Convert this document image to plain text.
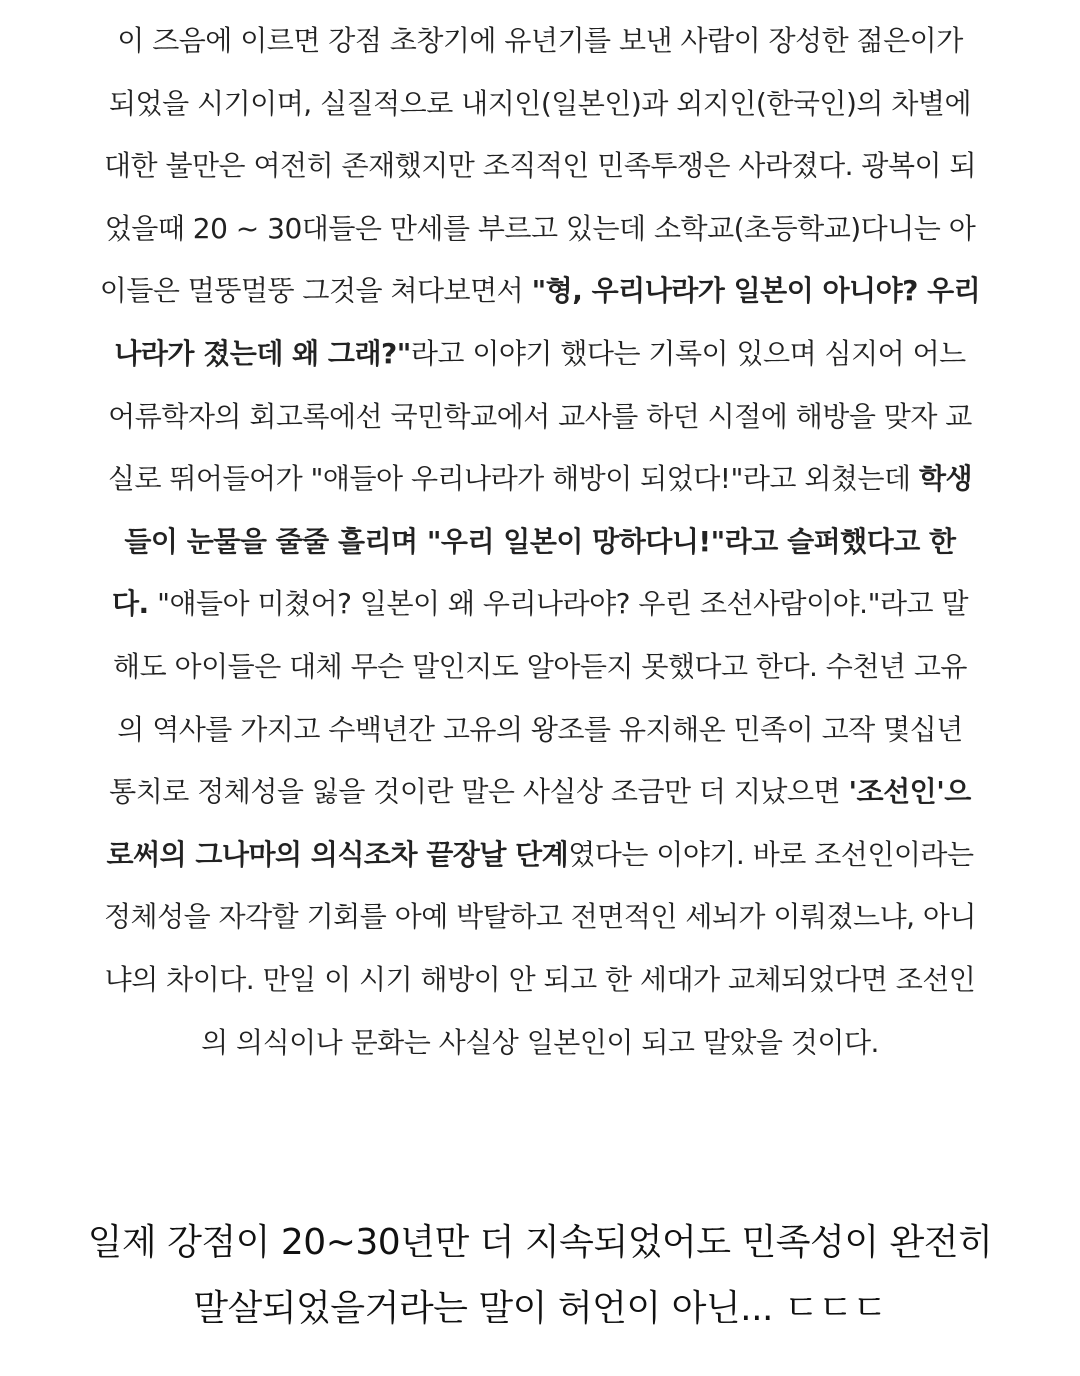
이 즈음에 이르면 강점 초창기에 유년기를 보낸 사람이 장성한 젊은이가
되었을 시기이며, 실질적으로 내지인(일본인)과 외지인(한국인)의 차별에
대한 불만은 여전히 존재했지만 조직적인 민족투쟁은 사라졌다. 광복이 되
었을때 20 ~ 30대들은 만세를 부르고 있는데 소학교(초등학교)다니는 아
이들은 멀뚱멀뚱 그것을 쳐다보면서 "형, 우리나라가 일본이 아니야? 우리
나라가 졌는데 왜 그래?"라고 이야기 했다는 기록이 있으며 심지어 어느
어류학자의 회고록에선 국민학교에서 교사를 하던 시절에 해방을 맞자 교
실로 뛰어들어가 "얘들아 우리나라가 해방이 되었다!"라고 외쳤는데 학생
들이 눈물을 줄줄 흘리며 "우리 일본이 망하다니!"라고 슬퍼했다고 한
다. "얘들아 미쳤어? 일본이 왜 우리나라야? 우린 조선사람이야."라고 말
해도 아이들은 대체 무슨 말인지도 알아듣지 못했다고 한다. 수천년 고유
의 역사를 가지고 수백년간 고유의 왕조를 유지해온 민족이 고작 몇십년
통치로 정체성을 잃을 것이란 말은 사실상 조금만 더 지났으면 '조선인'으
로써의 그나마의 의식조차 끝장날 단계였다는 이야기. 바로 조선인이라는
정체성을 자각할 기회를 아예 박탈하고 전면적인 세뇌가 이뤄졌느냐, 아니
냐의 차이다. 만일 이 시기 해방이 안 되고 한 세대가 교체되었다면 조선인
의 의식이나 문화는 사실상 일본인이 되고 말았을 것이다.
일제 강점이 20~30년만 더 지속되었어도 민족성이 완전히
말살되었을거라는 말이 허언이 아닌... ㄷㄷㄷ
